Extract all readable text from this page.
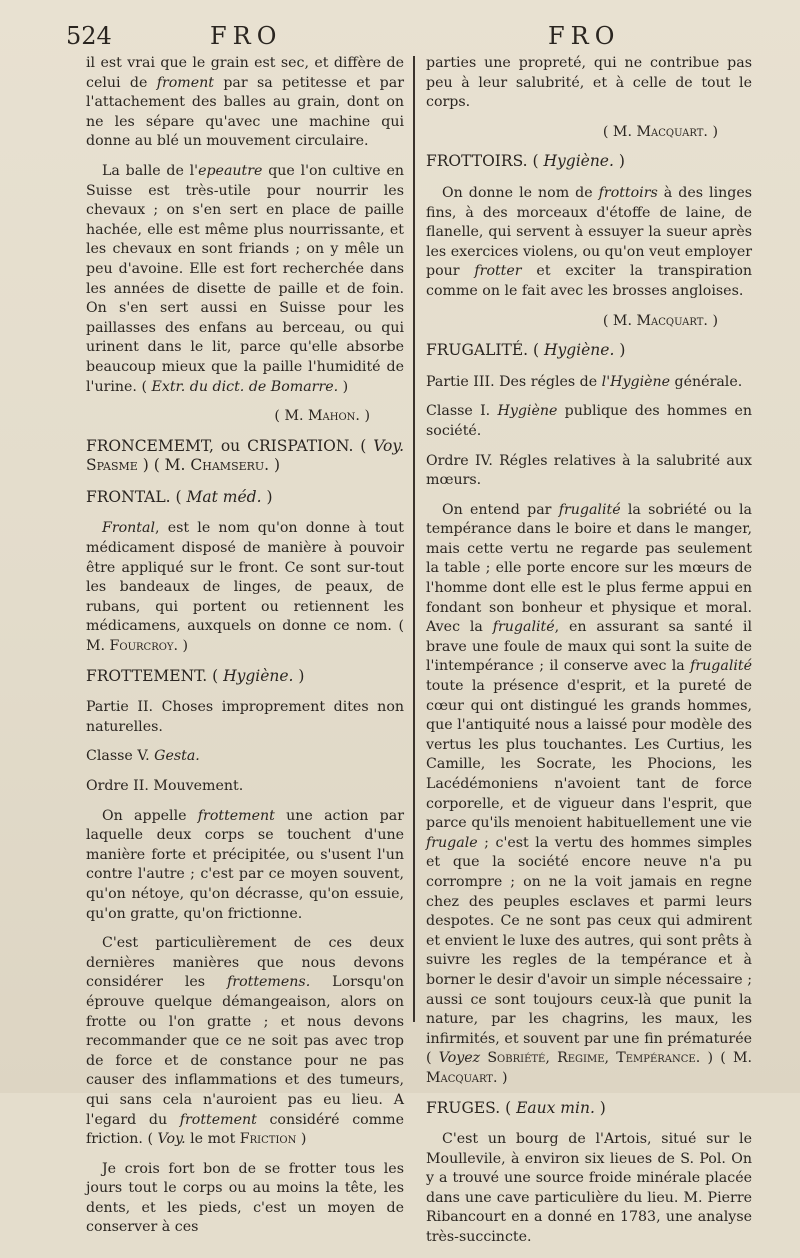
524	FRO	FRO

il est vrai que le grain est sec, et diffère de celui de froment par sa petitesse et par l'attachement des balles au grain, dont on ne les sépare qu'avec une machine qui donne au blé un mouvement circulaire.

La balle de l'epeautre que l'on cultive en Suisse est très-utile pour nourrir les chevaux ; on s'en sert en place de paille hachée, elle est même plus nourrissante, et les chevaux en sont friands ; on y mêle un peu d'avoine. Elle est fort recherchée dans les années de disette de paille et de foin. On s'en sert aussi en Suisse pour les paillasses des enfans au berceau, ou qui urinent dans le lit, parce qu'elle absorbe beaucoup mieux que la paille l'humidité de l'urine. ( Extr. du dict. de Bomarre. )

( M. Mahon. )

FRONCEMEMT, ou CRISPATION. ( Voy. Spasme ) ( M. Chamseru. )

FRONTAL. ( Mat méd. )

Frontal, est le nom qu'on donne à tout médicament disposé de manière à pouvoir être appliqué sur le front. Ce sont sur-tout les bandeaux de linges, de peaux, de rubans, qui portent ou retiennent les médicamens, auxquels on donne ce nom. ( M. Fourcroy. )

FROTTEMENT. ( Hygiène. )

Partie II. Choses improprement dites non naturelles.

Classe V. Gesta.

Ordre II. Mouvement.

On appelle frottement une action par laquelle deux corps se touchent d'une manière forte et précipitée, ou s'usent l'un contre l'autre ; c'est par ce moyen souvent, qu'on nétoye, qu'on décrasse, qu'on essuie, qu'on gratte, qu'on frictionne.

C'est particulièrement de ces deux dernières manières que nous devons considérer les frottemens. Lorsqu'on éprouve quelque démangeaison, alors on frotte ou l'on gratte ; et nous devons recommander que ce ne soit pas avec trop de force et de constance pour ne pas causer des inflammations et des tumeurs, qui sans cela n'auroient pas eu lieu. A l'egard du frottement considéré comme friction. ( Voy. le mot Friction )

Je crois fort bon de se frotter tous les jours tout le corps ou au moins la tête, les dents, et les pieds, c'est un moyen de conserver à ces

parties une propreté, qui ne contribue pas peu à leur salubrité, et à celle de tout le corps.

( M. Macquart. )

FROTTOIRS. ( Hygiène. )

On donne le nom de frottoirs à des linges fins, à des morceaux d'étoffe de laine, de flanelle, qui servent à essuyer la sueur après les exercices violens, ou qu'on veut employer pour frotter et exciter la transpiration comme on le fait avec les brosses angloises.

( M. Macquart. )

FRUGALITÉ. ( Hygiène. )

Partie III. Des régles de l'Hygiène générale.

Classe I. Hygiène publique des hommes en société.

Ordre IV. Régles relatives à la salubrité aux mœurs.

On entend par frugalité la sobriété ou la tempérance dans le boire et dans le manger, mais cette vertu ne regarde pas seulement la table ; elle porte encore sur les mœurs de l'homme dont elle est le plus ferme appui en fondant son bonheur et physique et moral. Avec la frugalité, en assurant sa santé il brave une foule de maux qui sont la suite de l'intempérance ; il conserve avec la frugalité toute la présence d'esprit, et la pureté de cœur qui ont distingué les grands hommes, que l'antiquité nous a laissé pour modèle des vertus les plus touchantes. Les Curtius, les Camille, les Socrate, les Phocions, les Lacédémoniens n'avoient tant de force corporelle, et de vigueur dans l'esprit, que parce qu'ils menoient habituellement une vie frugale ; c'est la vertu des hommes simples et que la société encore neuve n'a pu corrompre ; on ne la voit jamais en regne chez des peuples esclaves et parmi leurs despotes. Ce ne sont pas ceux qui admirent et envient le luxe des autres, qui sont prêts à suivre les regles de la tempérance et à borner le desir d'avoir un simple nécessaire ; aussi ce sont toujours ceux-là que punit la nature, par les chagrins, les maux, les infirmités, et souvent par une fin prématurée ( Voyez Sobriété, Regime, Tempérance. ) ( M. Macquart. )

FRUGES. ( Eaux min. )

C'est un bourg de l'Artois, situé sur le Moullevile, à environ six lieues de S. Pol. On y a trouvé une source froide minérale placée dans une cave particulière du lieu. M. Pierre Ribancourt en a donné en 1783, une analyse très-succincte.
